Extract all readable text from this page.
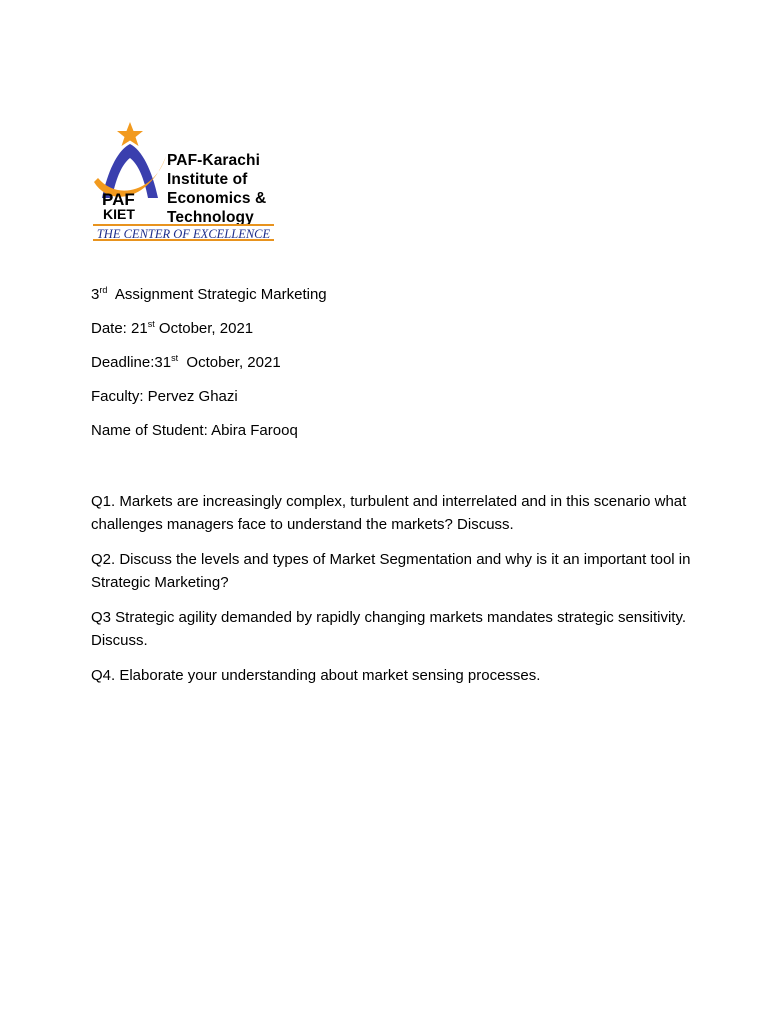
PAF-Karachi
Institute of
Economics &
Technology
PAF
KIET
THE CENTER OF EXCELLENCE
3rd Assignment Strategic Marketing
Date: 21st October, 2021
Deadline:31st  October, 2021
Faculty: Pervez Ghazi
Name of Student: Abira Farooq

Q1. Markets are increasingly complex, turbulent and interrelated and in this scenario what challenges managers face to understand the markets? Discuss.

Q2. Discuss the levels and types of Market Segmentation and why is it an important tool in Strategic Marketing?

Q3 Strategic agility demanded by rapidly changing markets mandates strategic sensitivity. Discuss.

Q4. Elaborate your understanding about market sensing processes.
